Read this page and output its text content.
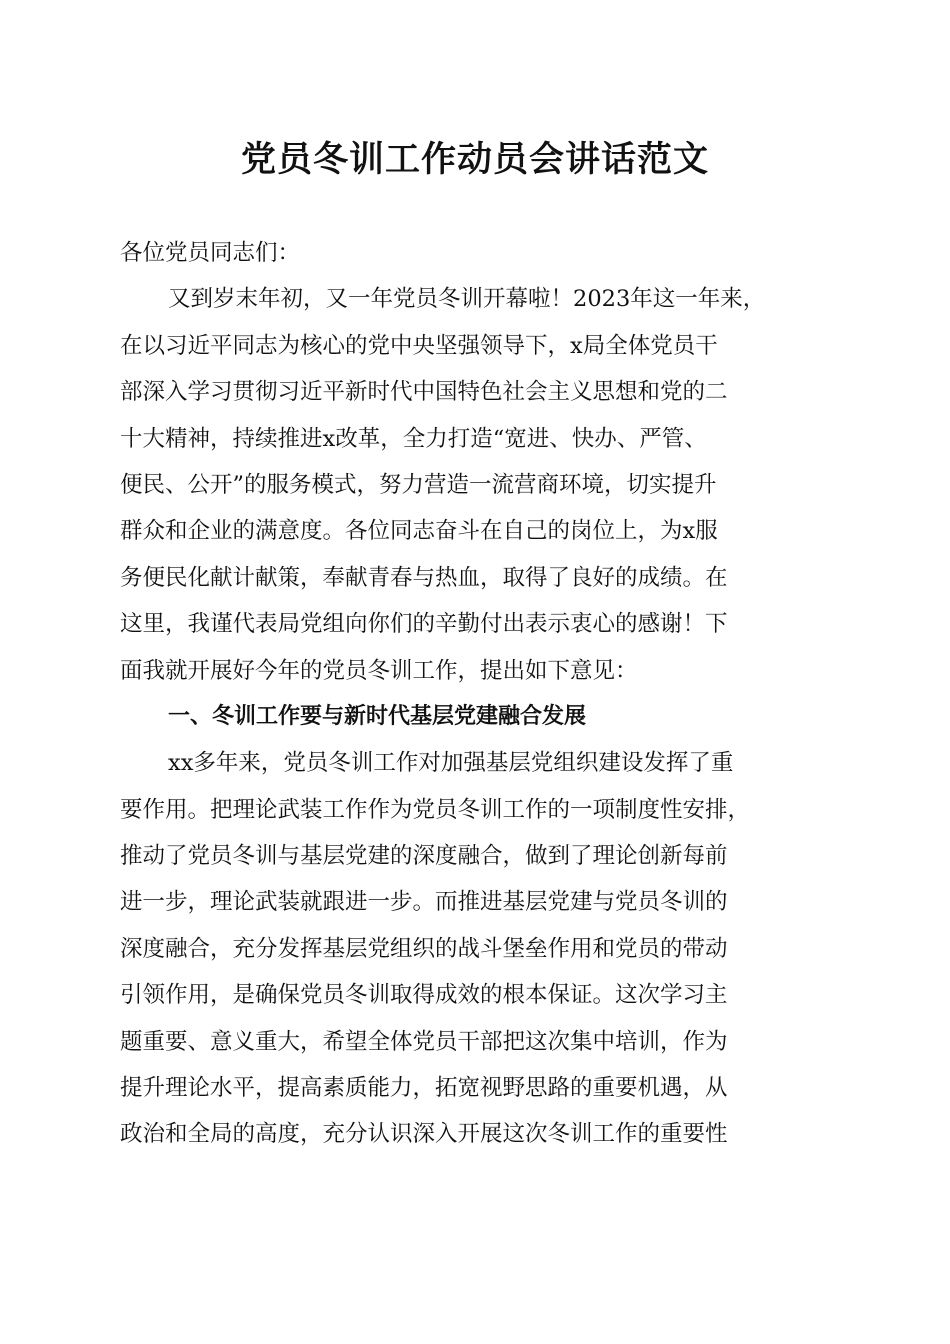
党员冬训工作动员会讲话范文

各位党员同志们：

又到岁末年初，又一年党员冬训开幕啦！2023年这一年来，

在以习近平同志为核心的党中央坚强领导下，x局全体党员干

部深入学习贯彻习近平新时代中国特色社会主义思想和党的二

十大精神，持续推进x改革，全力打造“宽进、快办、严管、

便民、公开”的服务模式，努力营造一流营商环境，切实提升

群众和企业的满意度。各位同志奋斗在自己的岗位上，为x服

务便民化献计献策，奉献青春与热血，取得了良好的成绩。在

这里，我谨代表局党组向你们的辛勤付出表示衷心的感谢！下

面我就开展好今年的党员冬训工作，提出如下意见：

一、冬训工作要与新时代基层党建融合发展

xx多年来，党员冬训工作对加强基层党组织建设发挥了重

要作用。把理论武装工作作为党员冬训工作的一项制度性安排，

推动了党员冬训与基层党建的深度融合，做到了理论创新每前

进一步，理论武装就跟进一步。而推进基层党建与党员冬训的

深度融合，充分发挥基层党组织的战斗堡垒作用和党员的带动

引领作用，是确保党员冬训取得成效的根本保证。这次学习主

题重要、意义重大，希望全体党员干部把这次集中培训，作为

提升理论水平，提高素质能力，拓宽视野思路的重要机遇，从

政治和全局的高度，充分认识深入开展这次冬训工作的重要性
